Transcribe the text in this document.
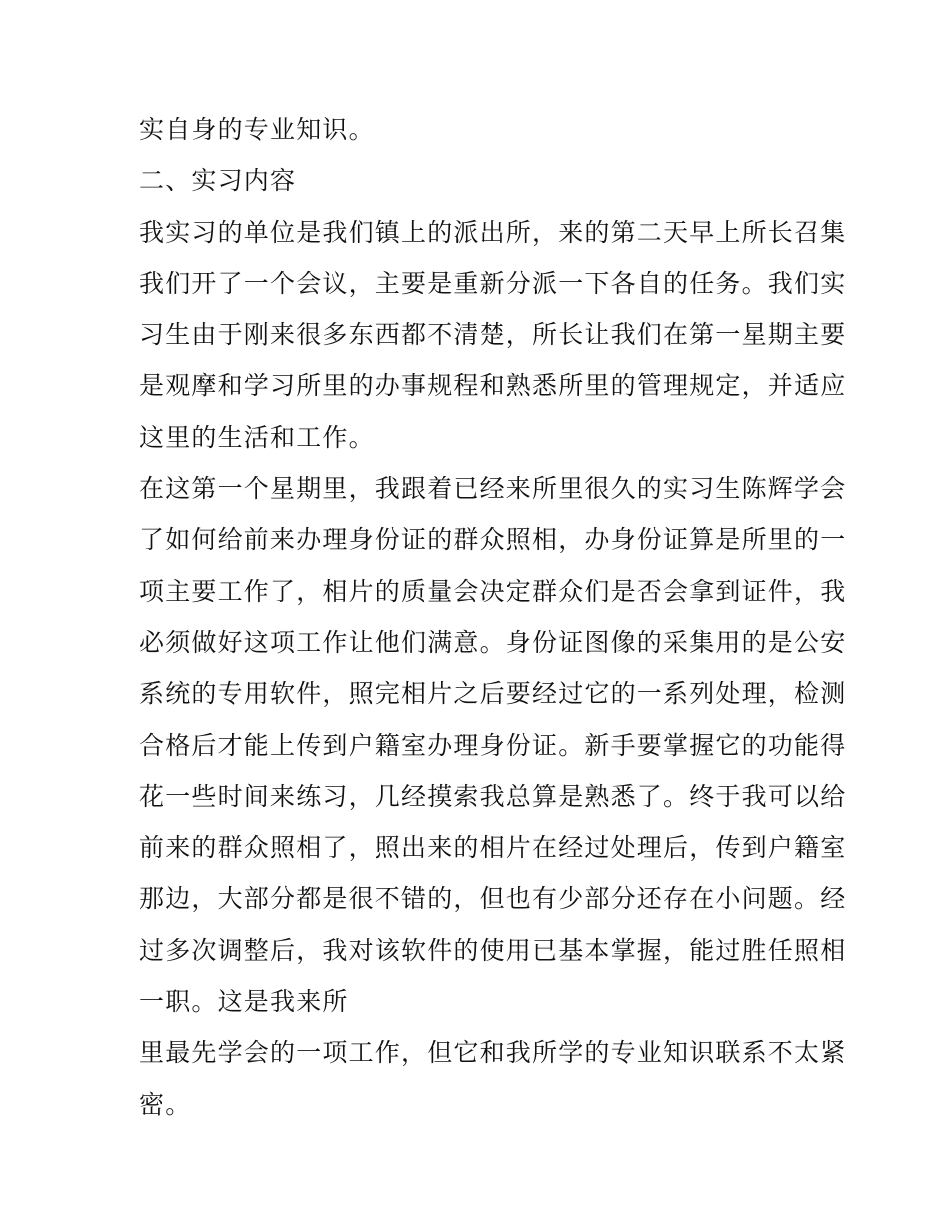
实自身的专业知识。
二、实习内容
我实习的单位是我们镇上的派出所，来的第二天早上所长召集
我们开了一个会议，主要是重新分派一下各自的任务。我们实
习生由于刚来很多东西都不清楚，所长让我们在第一星期主要
是观摩和学习所里的办事规程和熟悉所里的管理规定，并适应
这里的生活和工作。
在这第一个星期里，我跟着已经来所里很久的实习生陈辉学会
了如何给前来办理身份证的群众照相，办身份证算是所里的一
项主要工作了，相片的质量会决定群众们是否会拿到证件，我
必须做好这项工作让他们满意。身份证图像的采集用的是公安
系统的专用软件，照完相片之后要经过它的一系列处理，检测
合格后才能上传到户籍室办理身份证。新手要掌握它的功能得
花一些时间来练习，几经摸索我总算是熟悉了。终于我可以给
前来的群众照相了，照出来的相片在经过处理后，传到户籍室
那边，大部分都是很不错的，但也有少部分还存在小问题。经
过多次调整后，我对该软件的使用已基本掌握，能过胜任照相
一职。这是我来所
里最先学会的一项工作，但它和我所学的专业知识联系不太紧
密。
